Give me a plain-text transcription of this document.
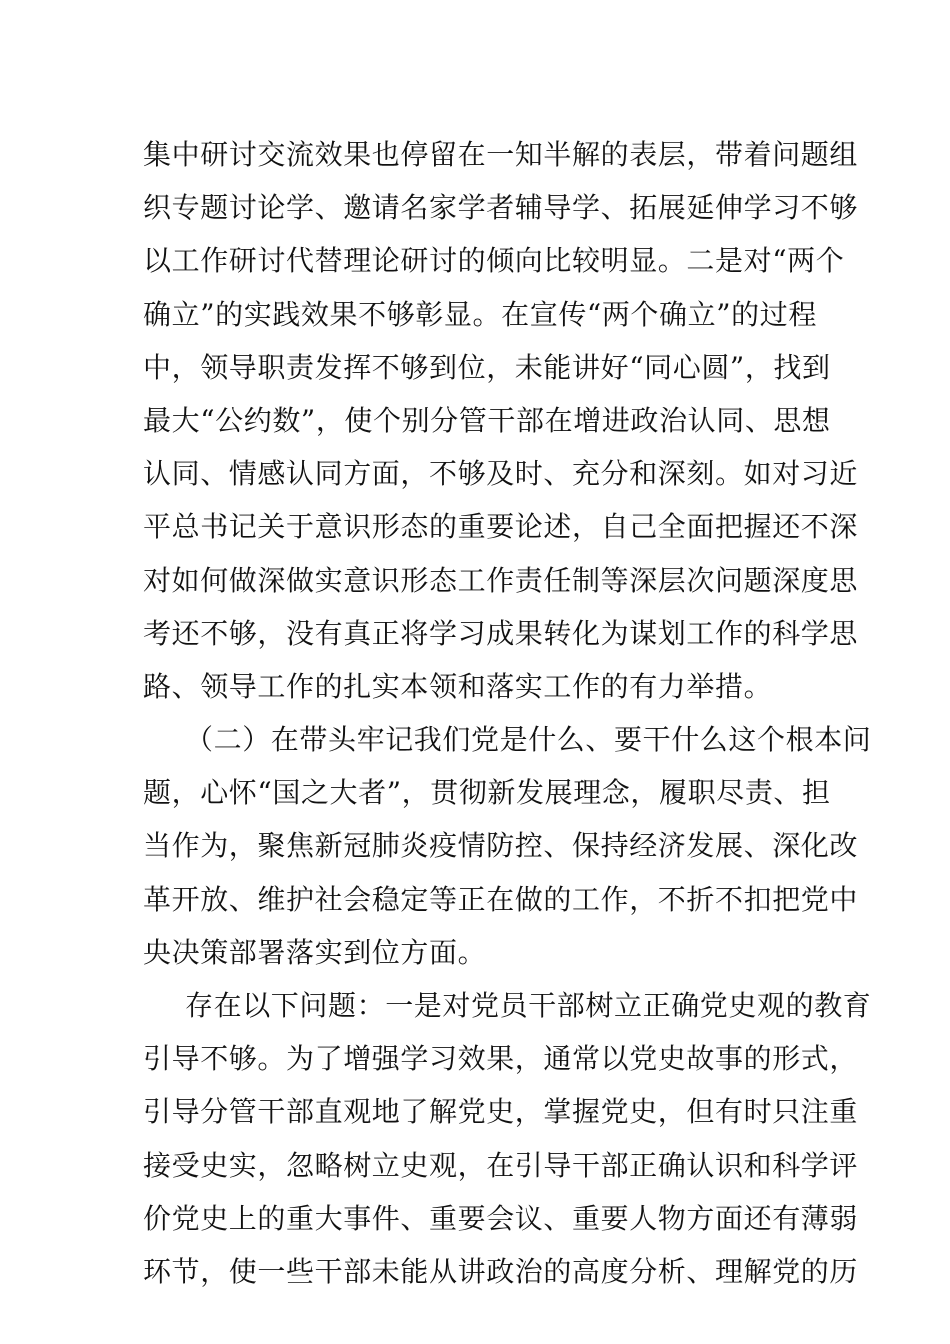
集中研讨交流效果也停留在一知半解的表层，带着问题组
织专题讨论学、邀请名家学者辅导学、拓展延伸学习不够
以工作研讨代替理论研讨的倾向比较明显。二是对“两个
确立”的实践效果不够彰显。在宣传“两个确立”的过程
中，领导职责发挥不够到位，未能讲好“同心圆”，找到
最大“公约数”，使个别分管干部在增进政治认同、思想
认同、情感认同方面，不够及时、充分和深刻。如对习近
平总书记关于意识形态的重要论述，自己全面把握还不深
对如何做深做实意识形态工作责任制等深层次问题深度思
考还不够，没有真正将学习成果转化为谋划工作的科学思
路、领导工作的扎实本领和落实工作的有力举措。
（二）在带头牢记我们党是什么、要干什么这个根本问
题，心怀“国之大者”，贯彻新发展理念，履职尽责、担
当作为，聚焦新冠肺炎疫情防控、保持经济发展、深化改
革开放、维护社会稳定等正在做的工作，不折不扣把党中
央决策部署落实到位方面。
存在以下问题：一是对党员干部树立正确党史观的教育
引导不够。为了增强学习效果，通常以党史故事的形式，
引导分管干部直观地了解党史，掌握党史，但有时只注重
接受史实，忽略树立史观，在引导干部正确认识和科学评
价党史上的重大事件、重要会议、重要人物方面还有薄弱
环节，使一些干部未能从讲政治的高度分析、理解党的历
